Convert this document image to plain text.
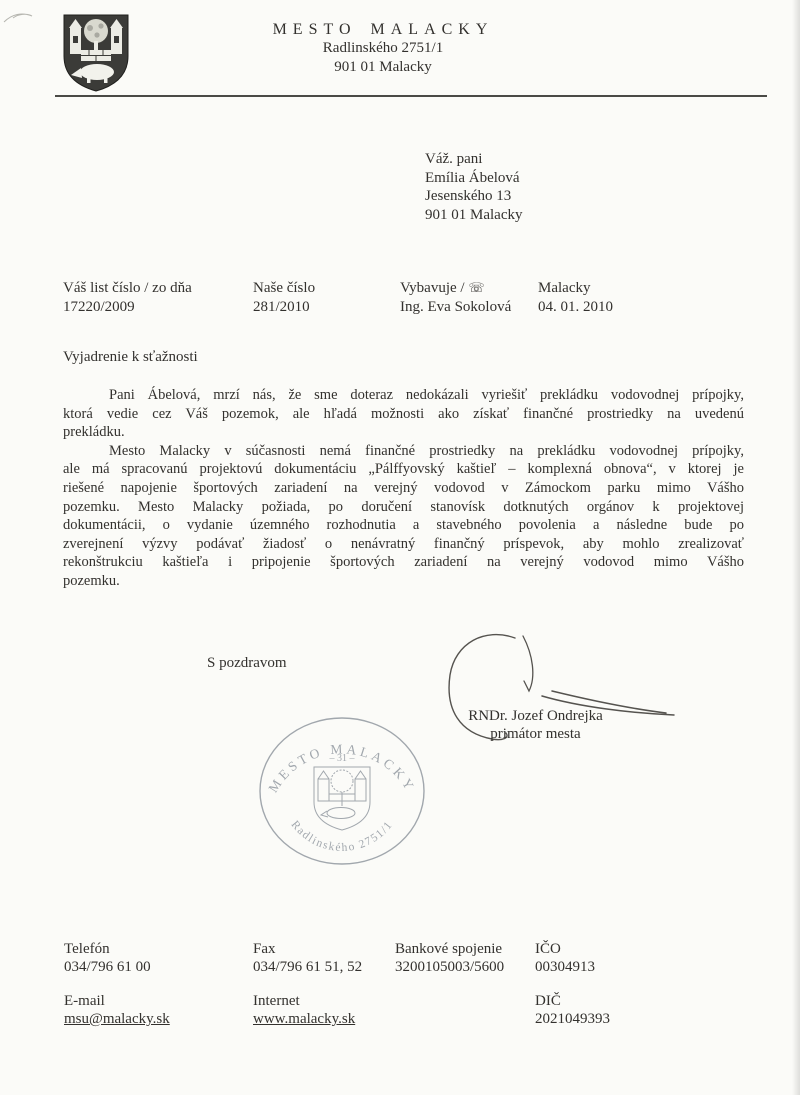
MESTO MALACKY
Radlinského 2751/1
901 01 Malacky
Váž. pani
Emília Ábelová
Jesenského 13
901 01 Malacky
Váš list číslo / zo dňa
17220/2009
Naše číslo
281/2010
Vybavuje / ☏
Ing. Eva Sokolová
Malacky
04. 01. 2010
Vyjadrenie k sťažnosti
Pani Ábelová, mrzí nás, že sme doteraz nedokázali vyriešiť prekládku vodovodnej prípojky,
ktorá vedie cez Váš pozemok, ale hľadá možnosti ako získať finančné prostriedky na uvedenú
prekládku.
Mesto Malacky v súčasnosti nemá finančné prostriedky na prekládku vodovodnej prípojky,
ale má spracovanú projektovú dokumentáciu „Pálffyovský kaštieľ – komplexná obnova“, v ktorej je
riešené napojenie športových zariadení na verejný vodovod v Zámockom parku mimo Vášho
pozemku. Mesto Malacky požiada, po doručení stanovísk dotknutých orgánov k projektovej
dokumentácii, o vydanie územného rozhodnutia a stavebného povolenia a následne bude po
zverejnení výzvy podávať žiadosť o nenávratný finančný príspevok, aby mohlo zrealizovať
rekonštrukciu kaštieľa i pripojenie športových zariadení na verejný vodovod mimo Vášho
pozemku.
S pozdravom
RNDr. Jozef Ondrejka
primátor mesta
MESTO MALACKY
– 31 –
Radlinského 2751/1
Telefón
034/796 61 00
E-mail
msu@malacky.sk
Fax
034/796 61 51, 52
Internet
www.malacky.sk
Bankové spojenie
3200105003/5600
IČO
00304913
DIČ
2021049393
